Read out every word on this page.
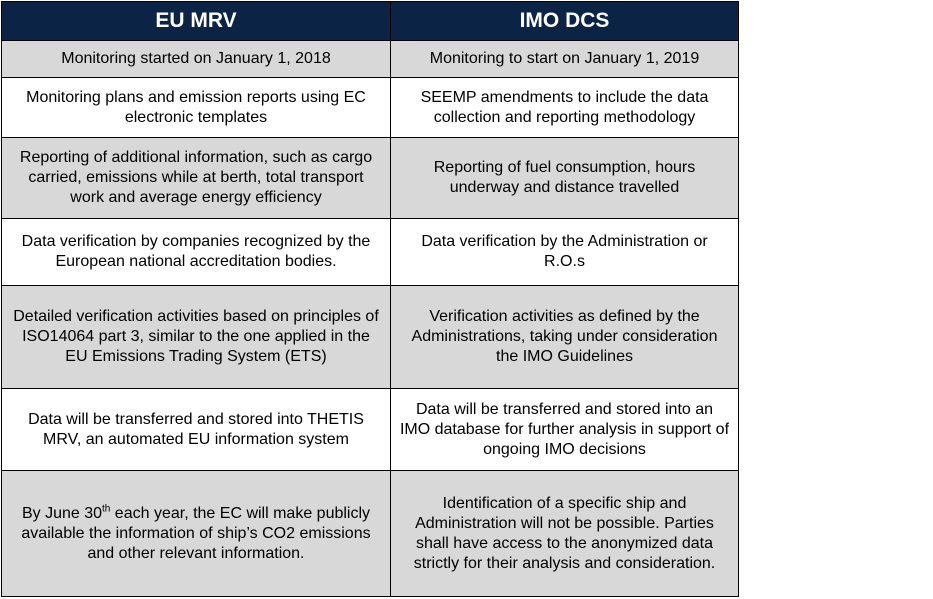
EU MRV	IMO DCS
Monitoring started on January 1, 2018	Monitoring to start on January 1, 2019
Monitoring plans and emission reports using EC electronic templates	SEEMP amendments to include the data collection and reporting methodology
Reporting of additional information, such as cargo carried, emissions while at berth, total transport work and average energy efficiency	Reporting of fuel consumption, hours underway and distance travelled
Data verification by companies recognized by the European national accreditation bodies.	Data verification by the Administration or R.O.s
Detailed verification activities based on principles of ISO14064 part 3, similar to the one applied in the EU Emissions Trading System (ETS)	Verification activities as defined by the Administrations, taking under consideration the IMO Guidelines
Data will be transferred and stored into THETIS MRV, an automated EU information system	Data will be transferred and stored into an IMO database for further analysis in support of ongoing IMO decisions
By June 30th each year, the EC will make publicly available the information of ship’s CO2 emissions and other relevant information.	Identification of a specific ship and Administration will not be possible. Parties shall have access to the anonymized data strictly for their analysis and consideration.
